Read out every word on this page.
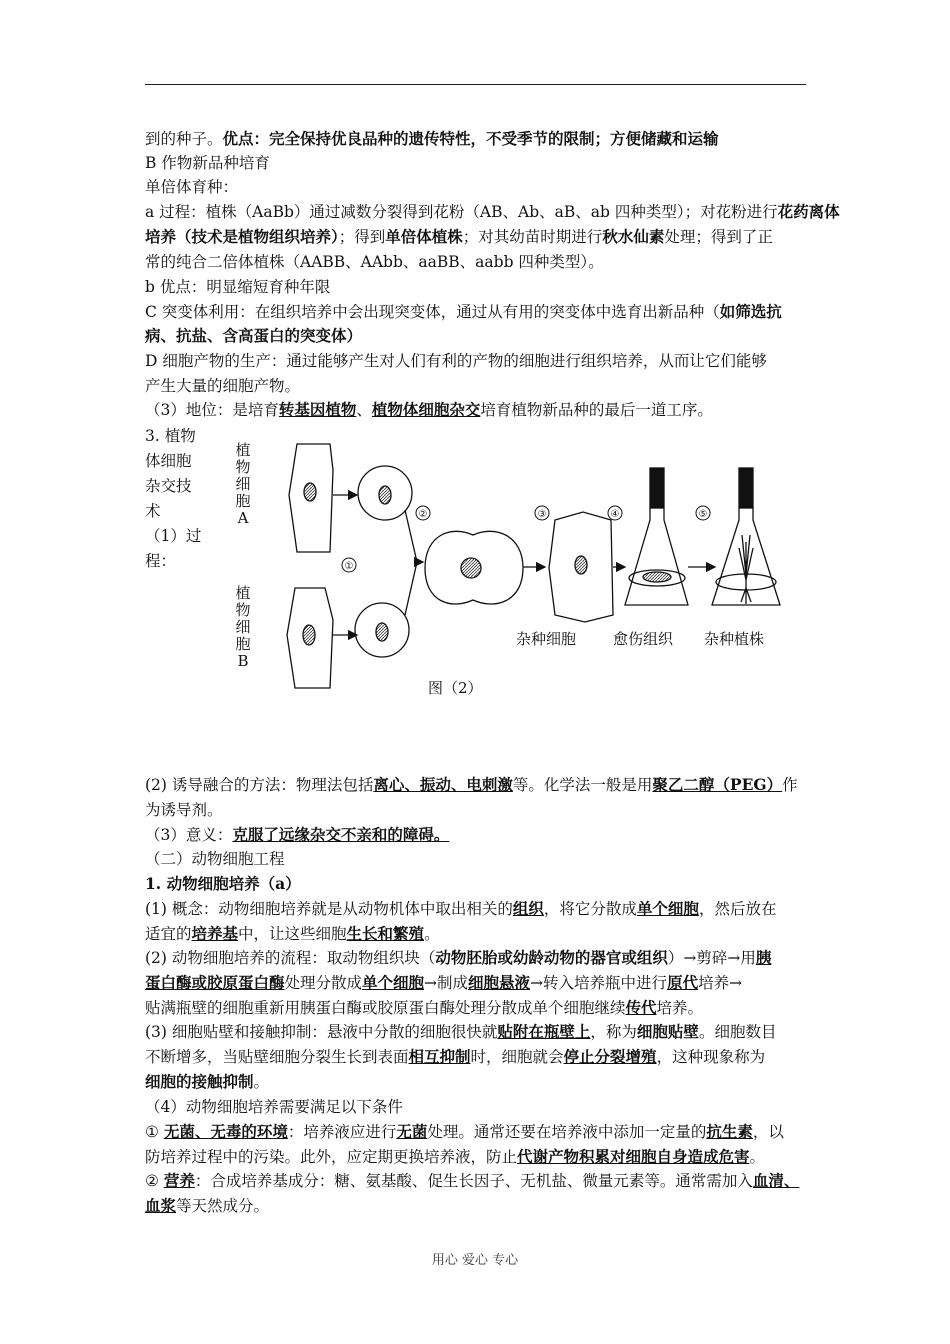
到的种子。优点：完全保持优良品种的遗传特性，不受季节的限制；方便储藏和运输
B 作物新品种培育
单倍体育种：
a 过程：植株（AaBb）通过减数分裂得到花粉（AB、Ab、aB、ab 四种类型）；对花粉进行花药离体
培养（技术是植物组织培养）；得到单倍体植株；对其幼苗时期进行秋水仙素处理；得到了正
常的纯合二倍体植株（AABB、AAbb、aaBB、aabb 四种类型）。
b 优点：明显缩短育种年限
C 突变体利用：在组织培养中会出现突变体，通过从有用的突变体中选育出新品种（如筛选抗
病、抗盐、含高蛋白的突变体）
D 细胞产物的生产：通过能够产生对人们有利的产物的细胞进行组织培养，从而让它们能够
产生大量的细胞产物。
（3）地位：是培育转基因植物、植物体细胞杂交培育植物新品种的最后一道工序。
(2) 诱导融合的方法：物理法包括离心、振动、电刺激等。化学法一般是用聚乙二醇（PEG）作
为诱导剂。
（3）意义：克服了远缘杂交不亲和的障碍。
（二）动物细胞工程
1. 动物细胞培养（a）
(1) 概念：动物细胞培养就是从动物机体中取出相关的组织，将它分散成单个细胞，然后放在
适宜的培养基中，让这些细胞生长和繁殖。
(2) 动物细胞培养的流程：取动物组织块（动物胚胎或幼龄动物的器官或组织）→剪碎→用胰
蛋白酶或胶原蛋白酶处理分散成单个细胞→制成细胞悬液→转入培养瓶中进行原代培养→
贴满瓶壁的细胞重新用胰蛋白酶或胶原蛋白酶处理分散成单个细胞继续传代培养。
(3) 细胞贴壁和接触抑制：悬液中分散的细胞很快就贴附在瓶壁上，称为细胞贴壁。细胞数目
不断增多，当贴壁细胞分裂生长到表面相互抑制时，细胞就会停止分裂增殖，这种现象称为
细胞的接触抑制。
（4）动物细胞培养需要满足以下条件
① 无菌、无毒的环境：培养液应进行无菌处理。通常还要在培养液中添加一定量的抗生素，以
防培养过程中的污染。此外，应定期更换培养液，防止代谢产物积累对细胞自身造成危害。
② 营养：合成培养基成分：糖、氨基酸、促生长因子、无机盐、微量元素等。通常需加入血清、
血浆等天然成分。
3. 植物
体细胞
杂交技
术
（1）过
程：
植物细胞A
植物细胞B
①
②	③	④	⑤
杂种细胞 愈伤组织 杂种植株
图（2）
用心 爱心 专心
